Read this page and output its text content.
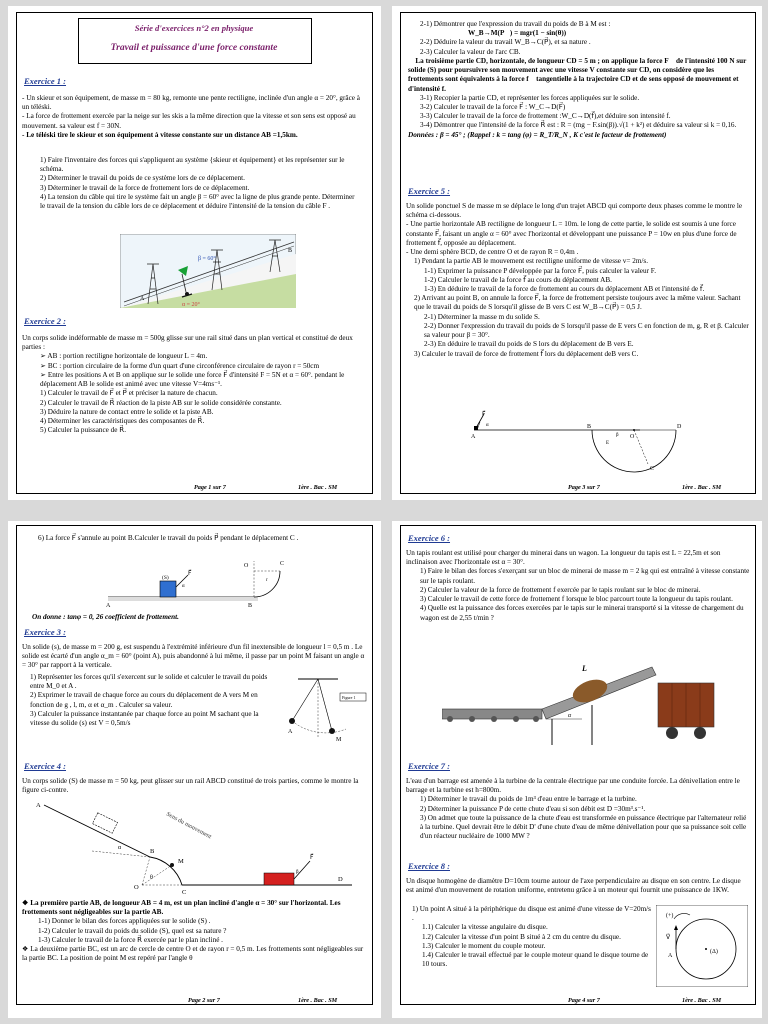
Série d'exercices n°2 en physique
Travail et puissance d'une force constante
Exercice 1 :

- Un skieur et son équipement, de masse m = 80 kg, remonte une pente rectiligne, inclinée d'un angle α = 20°, grâce à un téléski.

- La force de frottement exercée par la neige sur les skis a la même direction que la vitesse et son sens est opposé au mouvement. sa valeur est f = 30N.

- Le téléski tire le skieur et son équipement à vitesse constante sur un distance AB =1,5km.

1) Faire l'inventaire des forces qui s'appliquent au système {skieur et équipement} et les représenter sur le schéma.

2) Déterminer le travail du poids de ce système lors de ce déplacement.

3) Déterminer le travail de la force de frottement lors de ce déplacement.

4) La tension du câble qui tire le système fait un angle β = 60° avec la ligne de plus grande pente. Déterminer le travail de la tension du câble lors de ce déplacement et déduire l'intensité de la tension du câble F .

β = 60°
α = 20°
A
B
Exercice 2 :

Un corps solide indéformable de masse m = 500g glisse sur une rail situé dans un plan vertical et constitué de deux parties :

➢ AB : portion rectiligne horizontale de longueur L = 4m.

➢ BC : portion circulaire de la forme d'un quart d'une circonférence circulaire de rayon r = 50cm

➢ Entre les positions A et B on applique sur le solide une force F⃗ d'intensité F = 5N et α = 60°. pendant le déplacement AB le solide est animé avec une vitesse V=4ms⁻¹.

1) Calculer le travail de F⃗ et P⃗ et préciser la nature de chacun.

2) Calculer le travail de R⃗ réaction de la piste AB sur le solide considérée constante.

3) Déduire la nature de contact entre le solide et la piste AB.

4) Déterminer les caractéristiques des composantes de R⃗.

5) Calculer la puissance de R⃗.

Page 1 sur 7	1ère . Bac . SM

2-1) Démontrer que l'expression du travail du poids de B à M est :

W_B→M(P⃗) = mgr(1 − sin(θ))

2-2) Déduire la valeur du travail W_B→C(P⃗), et sa nature .

2-3) Calculer la valeur de l'arc CB.

❖ La troisième partie CD, horizontale, de longueur CD = 5 m ; on applique la force F⃗ de l'intensité 100 N sur solide (S) pour poursuivre son mouvement avec une vitesse V constante sur CD, on considère que les frottements sont équivalents à la force f⃗ tangentielle à la trajectoire CD et de sens opposé de mouvement et d'intensité f.

3-1) Recopier la partie CD, et représenter les forces appliquées sur le solide.

3-2) Calculer le travail de la force F⃗ : W_C→D(F⃗)

3-3) Calculer le travail de la force de frottement :W_C→D(f⃗),et déduire son intensité f.

3-4) Démontrer que l'intensité de la force R⃗ est : R = (mg − F.sin(β)).√(1 + k²) et déduire sa valeur si k = 0,16.

Données : β = 45° ; (Rappel : k = tang (φ) = R_T/R_N , K c'est le facteur de frottement)

Exercice 5 :

Un solide ponctuel S de masse m se déplace le long d'un trajet ABCD qui comporte deux phases comme le montre le schéma ci-dessous.

- Une partie horizontale AB rectiligne de longueur L = 10m. le long de cette partie, le solide est soumis à une force constante F⃗, faisant un angle α = 60° avec l'horizontal et développant une puissance P = 10w en plus d'une force de frottement f⃗, opposée au déplacement.

- Une demi sphère BCD, de centre O et de rayon R = 0,4m .

1) Pendant la partie AB le mouvement est rectiligne uniforme de vitesse v= 2m/s.

1-1) Exprimer la puissance P développée par la force F⃗, puis calculer la valeur F.

1-2) Calculer le travail de la force f⃗ au cours du déplacement AB.

1-3) En déduire le travail de la force de frottement au cours du déplacement AB et l'intensité de f⃗.

2) Arrivant au point B, on annule la force F⃗, la force de frottement persiste toujours avec la même valeur. Sachant que le travail du poids de S lorsqu'il glisse de B vers C est W_B→C(P⃗) = 0,5 J.

2-1) Déterminer la masse m du solide S.

2-2) Donner l'expression du travail du poids de S lorsqu'il passe de E vers C en fonction de m, g, R et β. Calculer sa valeur pour β = 30°.

2-3) En déduire le travail du poids de S lors du déplacement de B vers E.

3) Calculer le travail de force de frottement f⃗ lors du déplacement deB vers C.

F⃗
α
A
B	D
O
E
β
C
Page 3 sur 7	1ère . Bac . SM
6) La force F⃗ s'annule au point B.Calculer le travail du poids P⃗ pendant le déplacement C .
(S)
F⃗
α
A	B
O	C
r
On donne : tanφ = 0, 26 coefficient de frottement.
Exercice 3 :
Un solide (s), de masse m = 200 g, est suspendu à l'extrémité inférieure d'un fil inextensible de longueur l = 0,5 m . Le solide est écarté d'un angle α_m = 60° (point A), puis abandonné à lui même, il passe par un point M faisant un angle α = 30° par rapport à la verticale.

1) Représenter les forces qu'il s'exercent sur le solide et calculer le travail du poids entre M_0 et A .

2) Exprimer le travail de chaque force au cours du déplacement de A vers M en fonction de g , l, m, α et α_m . Calculer sa valeur.

3) Calculer la puissance instantanée par chaque force au point M sachant que la vitesse du solide (s) est V = 0,5m/s

Figure 1
A
M
Exercice 4 :
Un corps solide (S) de masse m = 50 kg, peut glisser sur un rail ABCD constitué de trois parties, comme le montre la figure ci-contre.
Sens du mouvement
A
B
M
O
C
D
α
θ
F⃗
β

❖ La première partie AB, de longueur AB = 4 m, est un plan incliné d'angle α = 30° sur l'horizontal. Les frottements sont négligeables sur la partie AB.

1-1) Donner le bilan des forces appliquées sur le solide (S) .

1-2) Calculer le travail du poids du solide (S), quel est sa nature ?

1-3) Calculer le travail de la force R⃗ exercée par le plan incliné .

❖ La deuxième partie BC, est un arc de cercle de centre O et de rayon r = 0,5 m. Les frottements sont négligeables sur la partie BC. La position de point M est repéré par l'angle θ

Page 2 sur 7	1ère . Bac . SM
Exercice 6 :

Un tapis roulant est utilisé pour charger du minerai dans un wagon. La longueur du tapis est L = 22,5m et son inclinaison avec l'horizontale est α = 30°.

1) Faire le bilan des forces s'exerçant sur un bloc de minerai de masse m = 2 kg qui est entraîné à vitesse constante sur le tapis roulant.

2) Calculer la valeur de la force de frottement f exercée par le tapis roulant sur le bloc de minerai.

3) Calculer le travail de cette force de frottement f lorsque le bloc parcourt toute la longueur du tapis roulant.

4) Quelle est la puissance des forces exercées par le tapis sur le minerai transporté si la vitesse de chargement du wagon est de 2,55 t/min ?

α
L
Exercice 7 :

L'eau d'un barrage est amenée à la turbine de la centrale électrique par une conduite forcée. La dénivellation entre le barrage et la turbine est h=800m.

1) Déterminer le travail du poids de 1m³ d'eau entre le barrage et la turbine.

2) Déterminer la puissance P de cette chute d'eau si son débit est D =30m³.s⁻¹.

3) On admet que toute la puissance de la chute d'eau est transformée en puissance électrique par l'alternateur relié à la turbine. Quel devrait être le débit D' d'une chute d'eau de même dénivellation pour que sa puissance soit celle d'un réacteur nucléaire de 1000 MW ?

Exercice 8 :
Un disque homogène de diamètre D=10cm tourne autour de l'axe perpendiculaire au disque en son centre. Le disque est animé d'un mouvement de rotation uniforme, entretenu grâce à un moteur qui fournit une puissance de 1KW.

1) Un point A situé à la périphérique du disque est animé d'une vitesse de V=20m/s .

1.1) Calculer la vitesse angulaire du disque.

1.2) Calculer la vitesse d'un point B situé à 2 cm du centre du disque.

1.3) Calculer le moment du couple moteur.

1.4) Calculer le travail effectué par le couple moteur quand le disque tourne de 10 tours.

(+)
(Δ)
V⃗
A
Page 4 sur 7	1ère . Bac . SM
